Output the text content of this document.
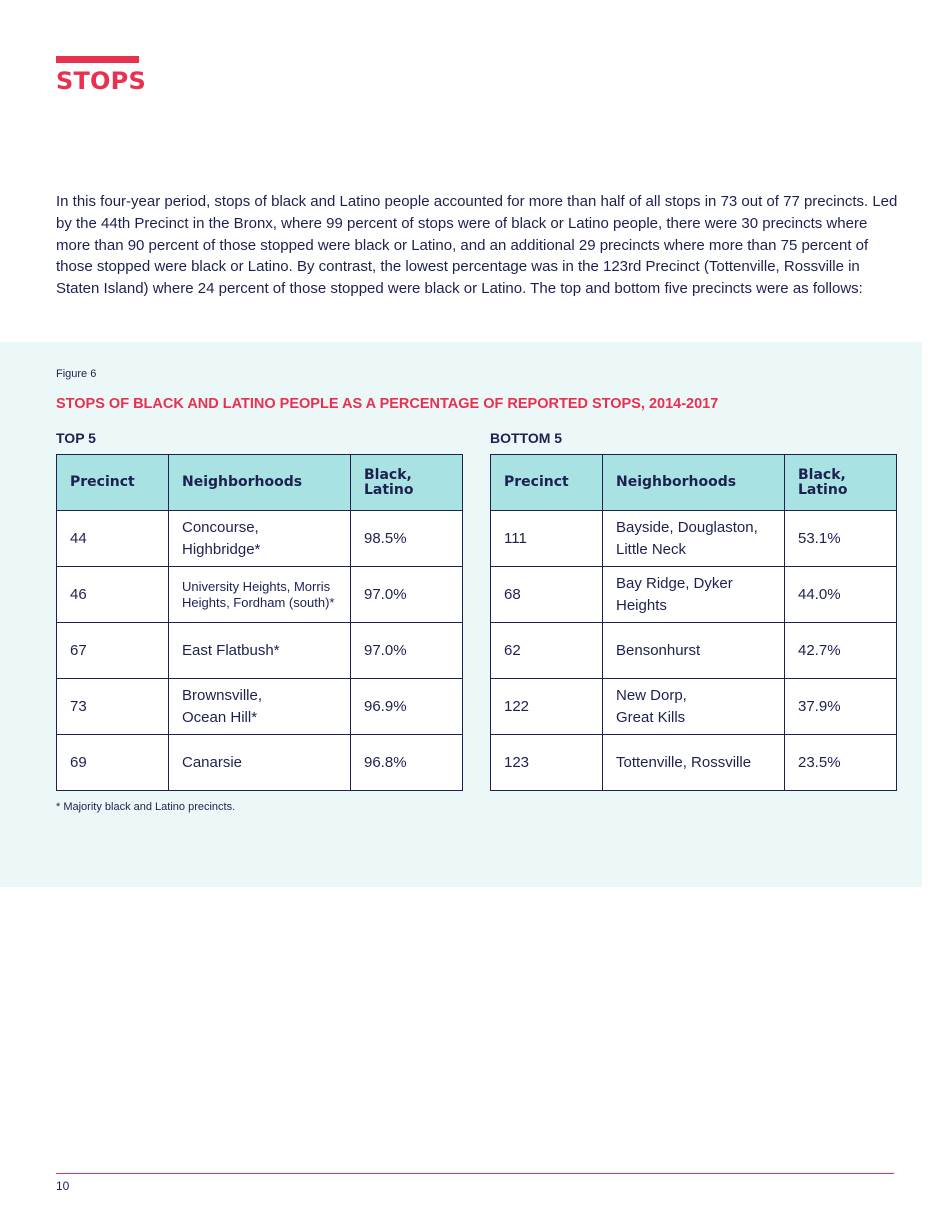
STOPS

In this four-year period, stops of black and Latino people accounted for more than half of all stops in 73 out of 77 precincts. Led by the 44th Precinct in the Bronx, where 99 percent of stops were of black or Latino people, there were 30 precincts where more than 90 percent of those stopped were black or Latino, and an additional 29 precincts where more than 75 percent of those stopped were black or Latino. By contrast, the lowest percentage was in the 123rd Precinct (Tottenville, Rossville in Staten Island) where 24 percent of those stopped were black or Latino. The top and bottom five precincts were as follows:

Figure 6
STOPS OF BLACK AND LATINO PEOPLE AS A PERCENTAGE OF REPORTED STOPS, 2014-2017
TOP 5
Precinct	Neighborhoods	Black, Latino
44	Concourse, Highbridge*	98.5%
46	University Heights, Morris Heights, Fordham (south)*	97.0%
67	East Flatbush*	97.0%
73	Brownsville, Ocean Hill*	96.9%
69	Canarsie	96.8%
BOTTOM 5
Precinct	Neighborhoods	Black, Latino
111	Bayside, Douglaston, Little Neck	53.1%
68	Bay Ridge, Dyker Heights	44.0%
62	Bensonhurst	42.7%
122	New Dorp, Great Kills	37.9%
123	Tottenville, Rossville	23.5%
* Majority black and Latino precincts.
10
